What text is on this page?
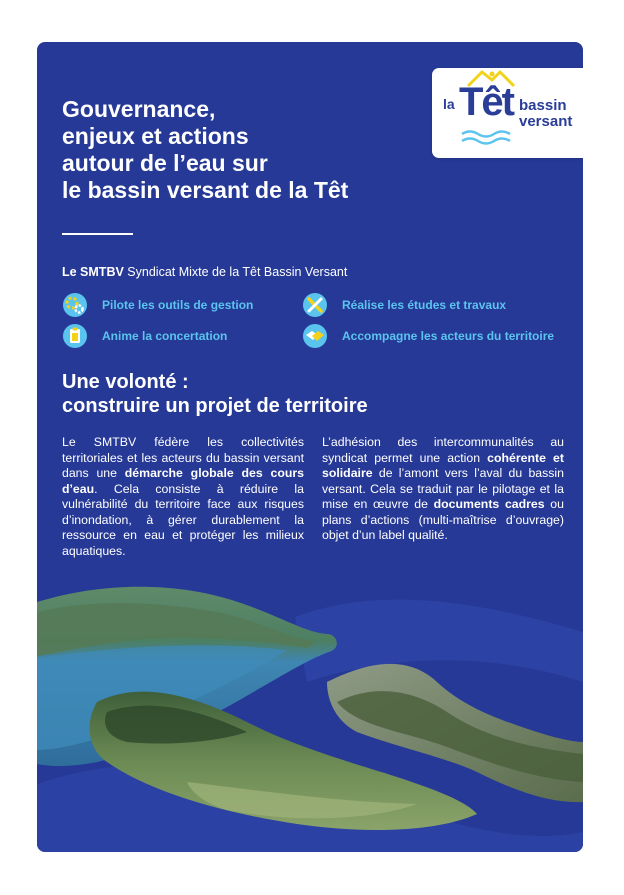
la Têt bassin
versant
Gouvernance,
enjeux et actions
autour de l’eau sur
le bassin versant de la Têt
Le SMTBV Syndicat Mixte de la Têt Bassin Versant
Pilote les outils de gestion	Réalise les études et travaux
Anime la concertation	Accompagne les acteurs du territoire
Une volonté :
construire un projet de territoire

Le SMTBV fédère les collectivités territoriales et les acteurs du bassin versant dans une démarche globale des cours d’eau. Cela consiste à réduire la vulnérabilité du territoire face aux risques d’inondation, à gérer durablement la ressource en eau et protéger les milieux aquatiques.

L’adhésion des intercommunalités au syndicat permet une action cohérente et solidaire de l’amont vers l’aval du bassin versant. Cela se traduit par le pilotage et la mise en œuvre de documents cadres ou plans d’actions (multi-maîtrise d’ouvrage) objet d’un label qualité.
